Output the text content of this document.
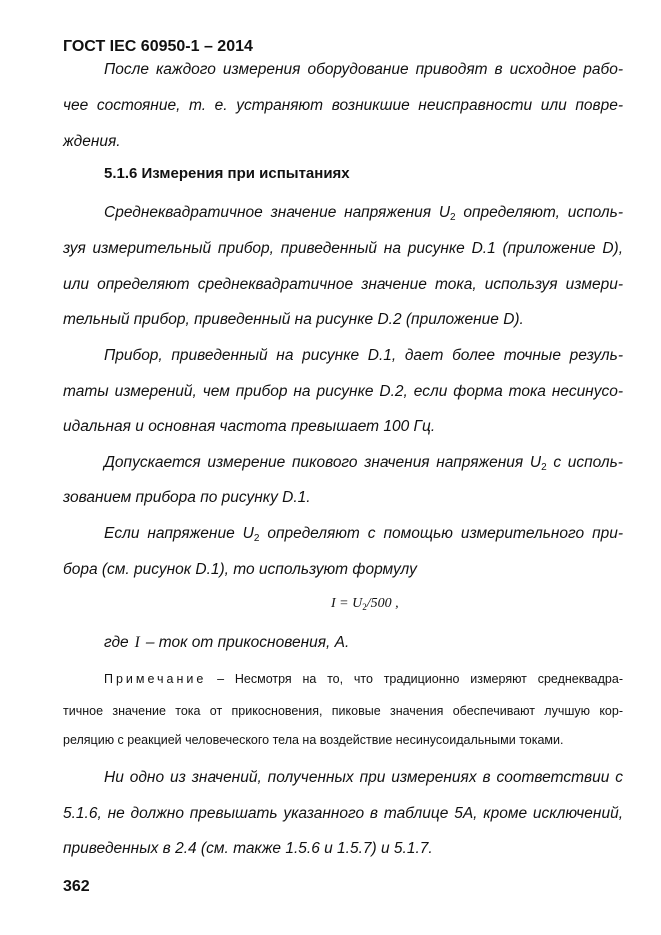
ГОСТ IEC 60950-1 – 2014
После каждого измерения оборудование приводят в исходное рабо-
чее состояние, т. е. устраняют возникшие неисправности или повре-
ждения.
5.1.6 Измерения при испытаниях
Среднеквадратичное значение напряжения $U_2$ определяют, исполь-
зуя измерительный прибор, приведенный на рисунке D.1 (приложение D),
или определяют среднеквадратичное значение тока, используя измери-
тельный прибор, приведенный на рисунке D.2 (приложение D).
Прибор, приведенный на рисунке D.1, дает более точные резуль-
таты измерений, чем прибор на рисунке D.2, если форма тока несинусо-
идальная и основная частота превышает 100 Гц.
Допускается измерение пикового значения напряжения $U_2$ с исполь-
зованием прибора по рисунку D.1.
Если напряжение $U_2$ определяют с помощью измерительного при-
бора (см. рисунок D.1), то используют формулу
$I = U_2/500$ ,
где I – ток от прикосновения, А.
Примечание – Несмотря на то, что традиционно измеряют среднеквадра-
тичное значение тока от прикосновения, пиковые значения обеспечивают лучшую кор-
реляцию с реакцией человеческого тела на воздействие несинусоидальными токами.
Ни одно из значений, полученных при измерениях в соответствии с
5.1.6, не должно превышать указанного в таблице 5А, кроме исключений,
приведенных в 2.4 (см. также 1.5.6 и 1.5.7) и 5.1.7.
362
